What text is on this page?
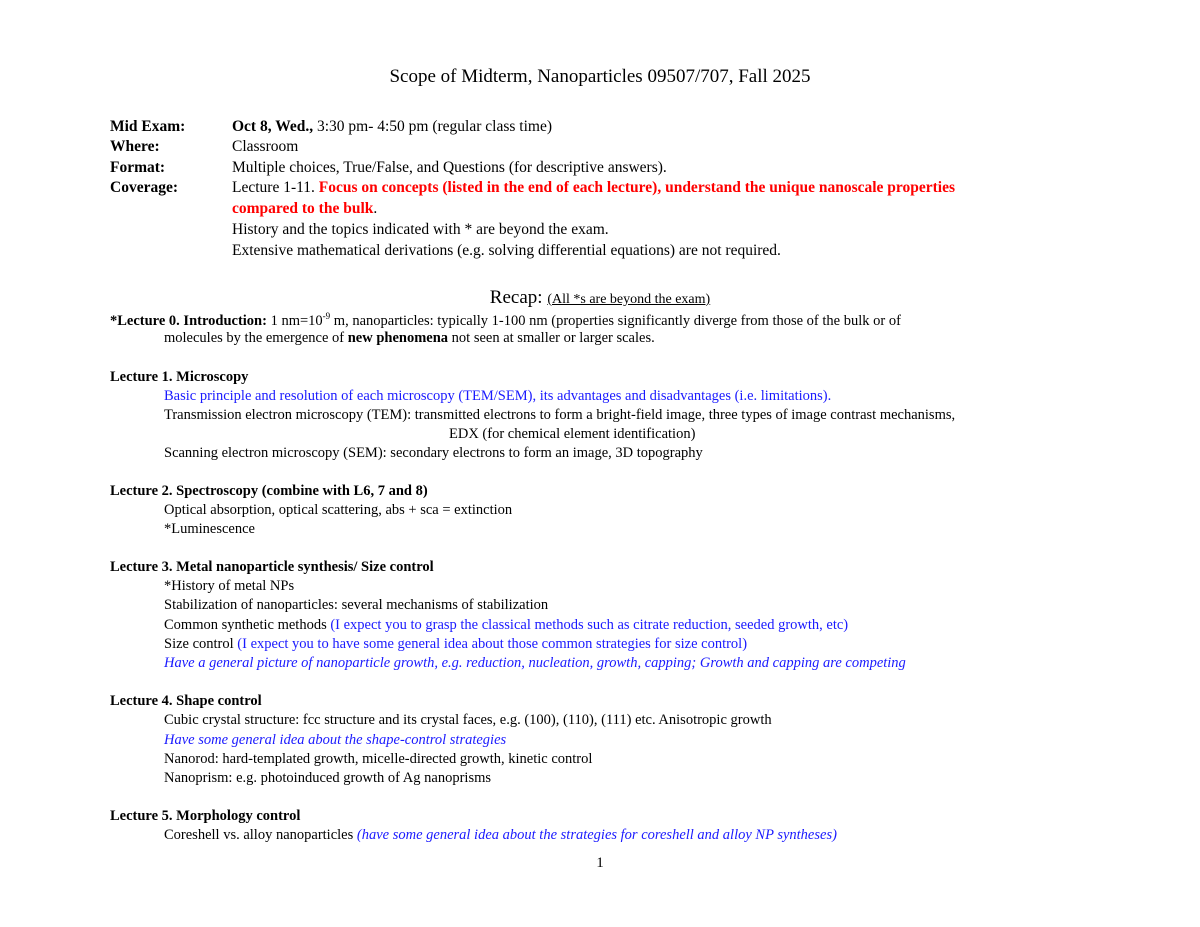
Scope of Midterm, Nanoparticles 09507/707, Fall 2025
Mid Exam:	Oct 8, Wed., 3:30 pm- 4:50 pm (regular class time)
Where:	Classroom
Format:	Multiple choices, True/False, and Questions (for descriptive answers).
Coverage:	Lecture 1-11. Focus on concepts (listed in the end of each lecture), understand the unique nanoscale properties
compared to the bulk.
History and the topics indicated with * are beyond the exam.
Extensive mathematical derivations (e.g. solving differential equations) are not required.
Recap: (All *s are beyond the exam)
*Lecture 0. Introduction: 1 $nm=10^{-9}$ m, nanoparticles: typically 1-100 nm (properties significantly diverge from those of the bulk or of
molecules by the emergence of new phenomena not seen at smaller or larger scales.
Lecture 1. Microscopy
Basic principle and resolution of each microscopy (TEM/SEM), its advantages and disadvantages (i.e. limitations).
Transmission electron microscopy (TEM): transmitted electrons to form a bright-field image, three types of image contrast mechanisms,
EDX (for chemical element identification)
Scanning electron microscopy (SEM): secondary electrons to form an image, 3D topography
Lecture 2. Spectroscopy (combine with L6, 7 and 8)
Optical absorption, optical scattering, abs + sca = extinction
*Luminescence
Lecture 3. Metal nanoparticle synthesis/ Size control
*History of metal NPs
Stabilization of nanoparticles: several mechanisms of stabilization
Common synthetic methods (I expect you to grasp the classical methods such as citrate reduction, seeded growth, etc)
Size control (I expect you to have some general idea about those common strategies for size control)
Have a general picture of nanoparticle growth, e.g. reduction, nucleation, growth, capping; Growth and capping are competing
Lecture 4. Shape control
Cubic crystal structure: fcc structure and its crystal faces, e.g. (100), (110), (111) etc. Anisotropic growth
Have some general idea about the shape-control strategies
Nanorod: hard-templated growth, micelle-directed growth, kinetic control
Nanoprism: e.g. photoinduced growth of Ag nanoprisms
Lecture 5. Morphology control
Coreshell vs. alloy nanoparticles (have some general idea about the strategies for coreshell and alloy NP syntheses)
1
